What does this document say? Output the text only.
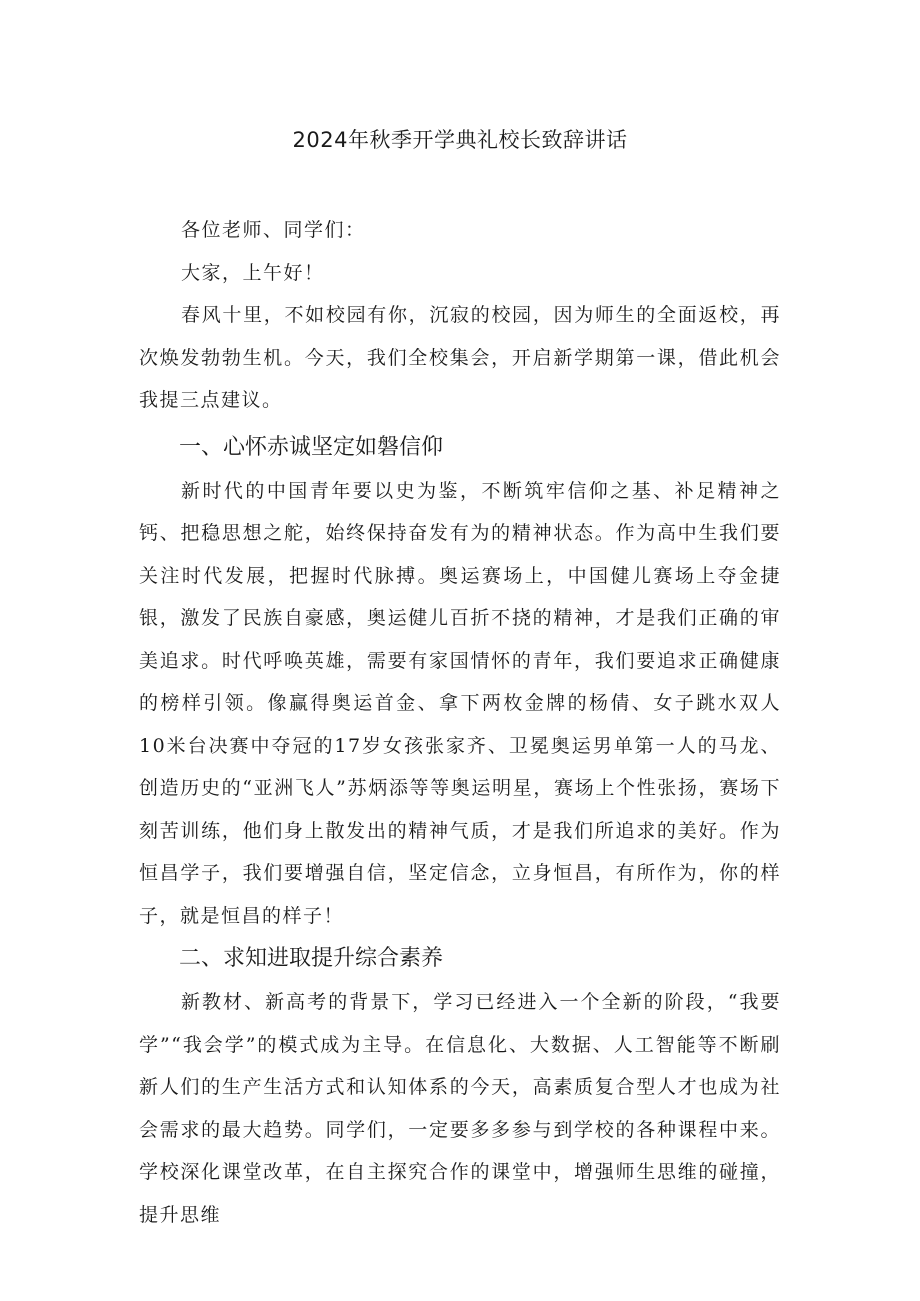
2024年秋季开学典礼校长致辞讲话

各位老师、同学们：

大家，上午好！

春风十里，不如校园有你，沉寂的校园，因为师生的全面返校，再次焕发勃勃生机。今天，我们全校集会，开启新学期第一课，借此机会我提三点建议。

一、心怀赤诚坚定如磐信仰

新时代的中国青年要以史为鉴，不断筑牢信仰之基、补足精神之钙、把稳思想之舵，始终保持奋发有为的精神状态。作为高中生我们要关注时代发展，把握时代脉搏。奥运赛场上，中国健儿赛场上夺金捷银，激发了民族自豪感，奥运健儿百折不挠的精神，才是我们正确的审美追求。时代呼唤英雄，需要有家国情怀的青年，我们要追求正确健康的榜样引领。像赢得奥运首金、拿下两枚金牌的杨倩、女子跳水双人10米台决赛中夺冠的17岁女孩张家齐、卫冕奥运男单第一人的马龙、创造历史的“亚洲飞人”苏炳添等等奥运明星，赛场上个性张扬，赛场下刻苦训练，他们身上散发出的精神气质，才是我们所追求的美好。作为恒昌学子，我们要增强自信，坚定信念，立身恒昌，有所作为，你的样子，就是恒昌的样子！

二、求知进取提升综合素养

新教材、新高考的背景下，学习已经进入一个全新的阶段，“我要学”“我会学”的模式成为主导。在信息化、大数据、人工智能等不断刷新人们的生产生活方式和认知体系的今天，高素质复合型人才也成为社会需求的最大趋势。同学们，一定要多多参与到学校的各种课程中来。学校深化课堂改革，在自主探究合作的课堂中，增强师生思维的碰撞，提升思维
